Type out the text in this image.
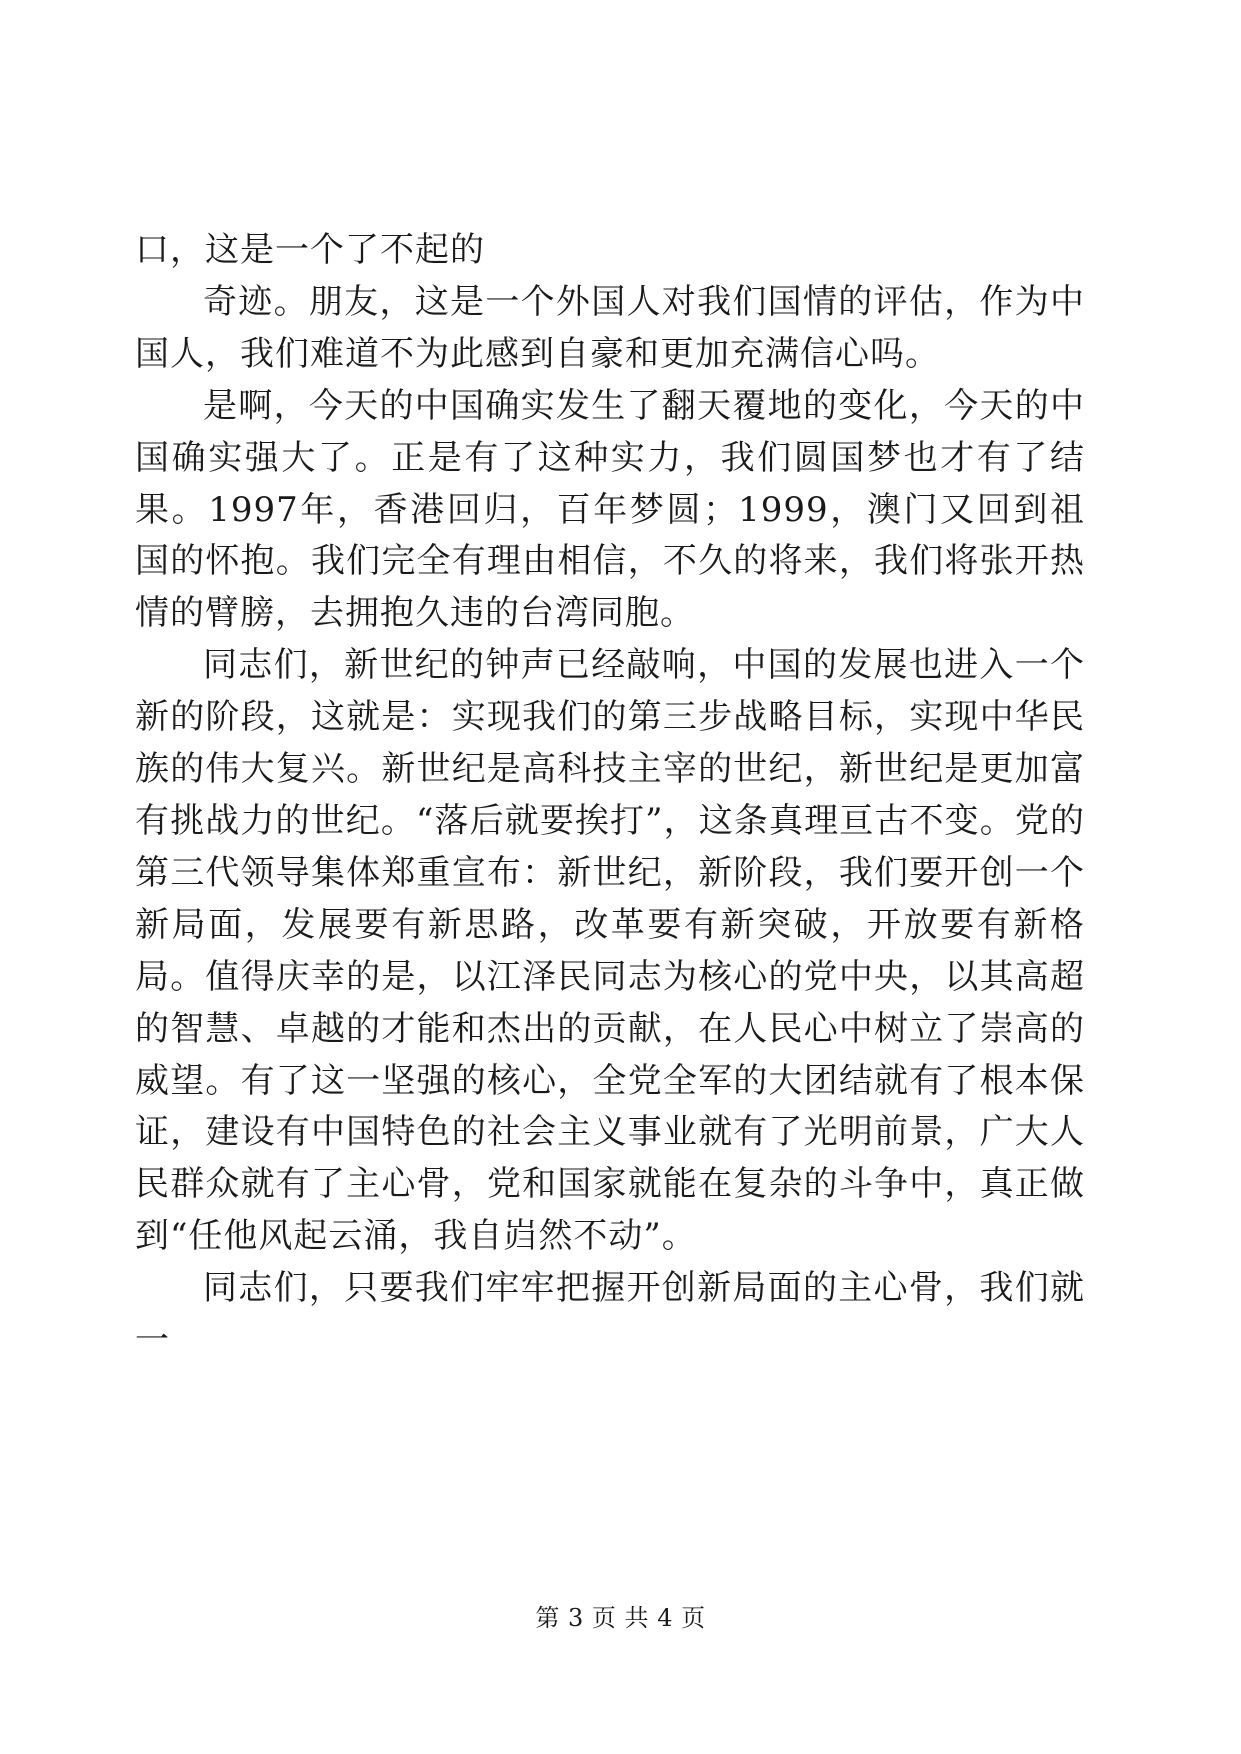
口，这是一个了不起的

奇迹。朋友，这是一个外国人对我们国情的评估，作为中国人，我们难道不为此感到自豪和更加充满信心吗。

是啊，今天的中国确实发生了翻天覆地的变化，今天的中国确实强大了。正是有了这种实力，我们圆国梦也才有了结果。1997年，香港回归，百年梦圆；1999，澳门又回到祖国的怀抱。我们完全有理由相信，不久的将来，我们将张开热情的臂膀，去拥抱久违的台湾同胞。

同志们，新世纪的钟声已经敲响，中国的发展也进入一个新的阶段，这就是：实现我们的第三步战略目标，实现中华民族的伟大复兴。新世纪是高科技主宰的世纪，新世纪是更加富有挑战力的世纪。“落后就要挨打”，这条真理亘古不变。党的第三代领导集体郑重宣布：新世纪，新阶段，我们要开创一个新局面，发展要有新思路，改革要有新突破，开放要有新格局。值得庆幸的是，以江泽民同志为核心的党中央，以其高超的智慧、卓越的才能和杰出的贡献，在人民心中树立了崇高的威望。有了这一坚强的核心，全党全军的大团结就有了根本保证，建设有中国特色的社会主义事业就有了光明前景，广大人民群众就有了主心骨，党和国家就能在复杂的斗争中，真正做到“任他风起云涌，我自岿然不动”。

同志们，只要我们牢牢把握开创新局面的主心骨，我们就一

第 3 页 共 4 页
